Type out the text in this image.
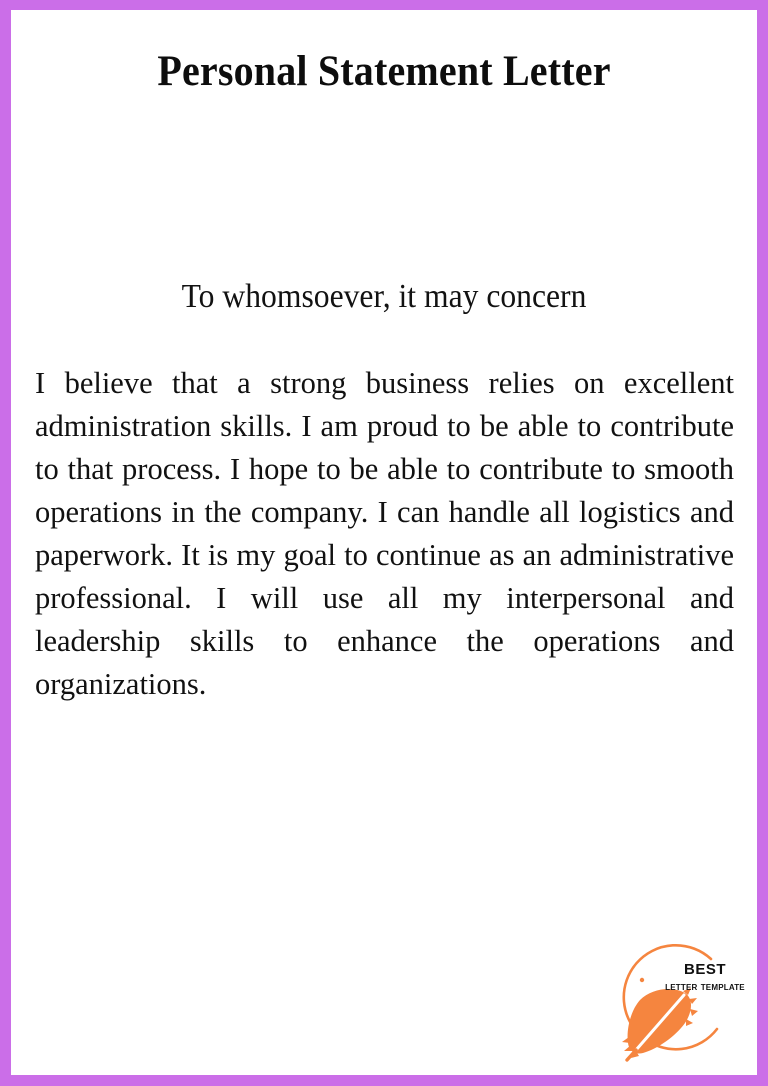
Personal Statement Letter
To whomsoever, it may concern
I believe that a strong business relies on excellent administration skills. I am proud to be able to contribute to that process. I hope to be able to contribute to smooth operations in the company. I can handle all logistics and paperwork. It is my goal to continue as an administrative professional. I will use all my interpersonal and leadership skills to enhance the operations and organizations.
best
letter template
